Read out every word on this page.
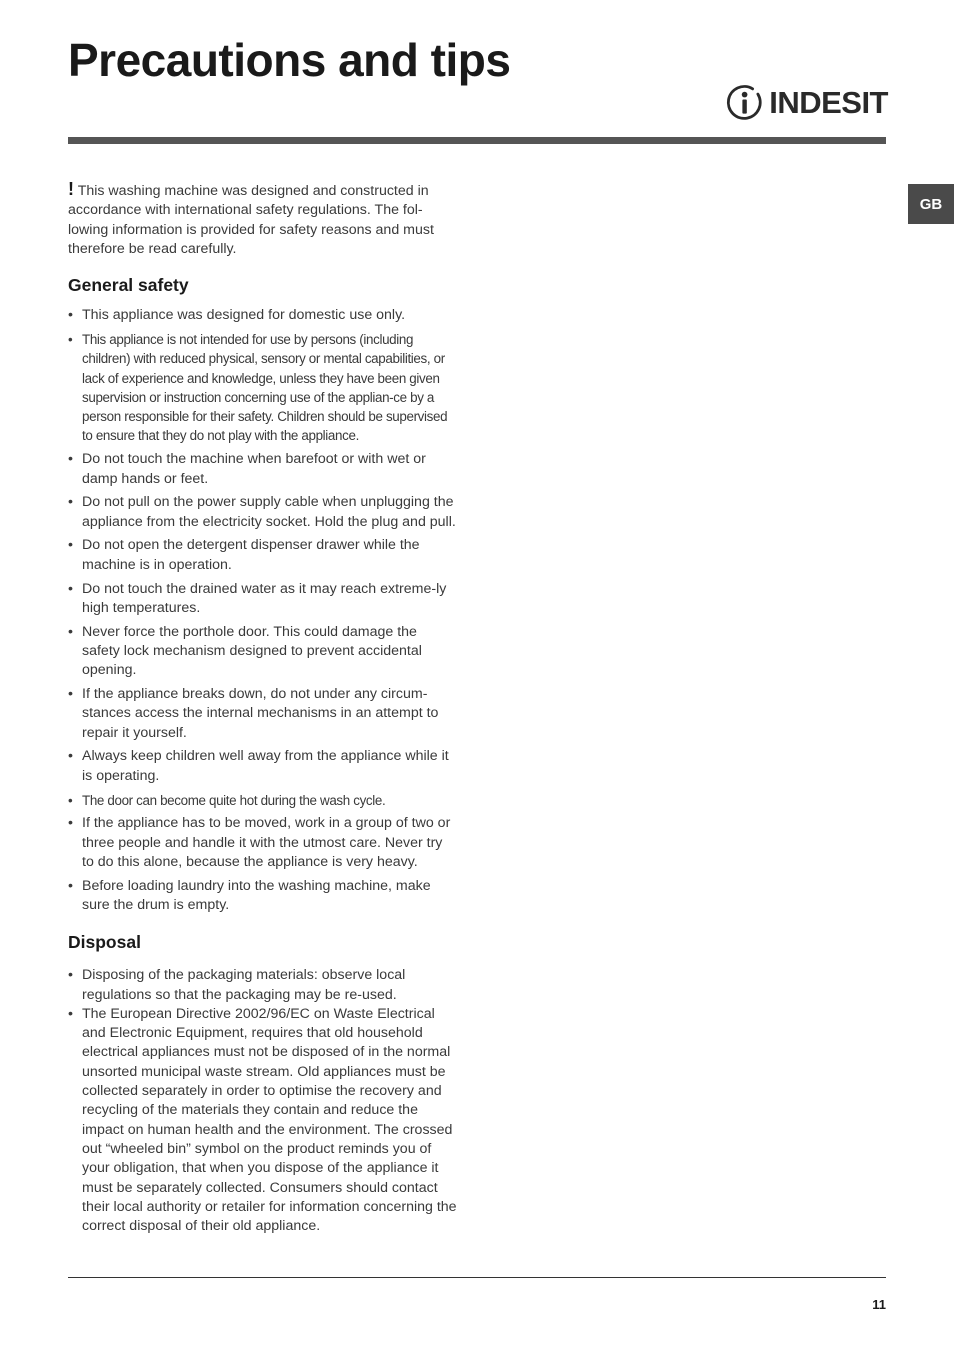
Precautions and tips
INDESIT
GB

! This washing machine was designed and constructed in accordance with international safety regulations. The fol-lowing information is provided for safety reasons and must therefore be read carefully.

General safety
• This appliance was designed for domestic use only.
• This appliance is not intended for use by persons (including children) with reduced physical, sensory or mental capabilities, or lack of experience and knowledge, unless they have been given supervision or instruction concerning use of the applian-ce by a person responsible for their safety. Children should be supervised to ensure that they do not play with the appliance.
• Do not touch the machine when barefoot or with wet or damp hands or feet.
• Do not pull on the power supply cable when unplugging the appliance from the electricity socket. Hold the plug and pull.
• Do not open the detergent dispenser drawer while the machine is in operation.
• Do not touch the drained water as it may reach extreme-ly high temperatures.
• Never force the porthole door. This could damage the safety lock mechanism designed to prevent accidental opening.
• If the appliance breaks down, do not under any circum-stances access the internal mechanisms in an attempt to repair it yourself.
• Always keep children well away from the appliance while it is operating.
• The door can become quite hot during the wash cycle.
• If the appliance has to be moved, work in a group of two or three people and handle it with the utmost care. Never try to do this alone, because the appliance is very heavy.
• Before loading laundry into the washing machine, make sure the drum is empty.
Disposal
• Disposing of the packaging materials: observe local regulations so that the packaging may be re-used.
• The European Directive 2002/96/EC on Waste Electrical and Electronic Equipment, requires that old household electrical appliances must not be disposed of in the normal unsorted municipal waste stream. Old appliances must be collected separately in order to optimise the recovery and recycling of the materials they contain and reduce the impact on human health and the environment. The crossed out “wheeled bin” symbol on the product reminds you of your obligation, that when you dispose of the appliance it must be separately collected. Consumers should contact their local authority or retailer for information concerning the correct disposal of their old appliance.
11
